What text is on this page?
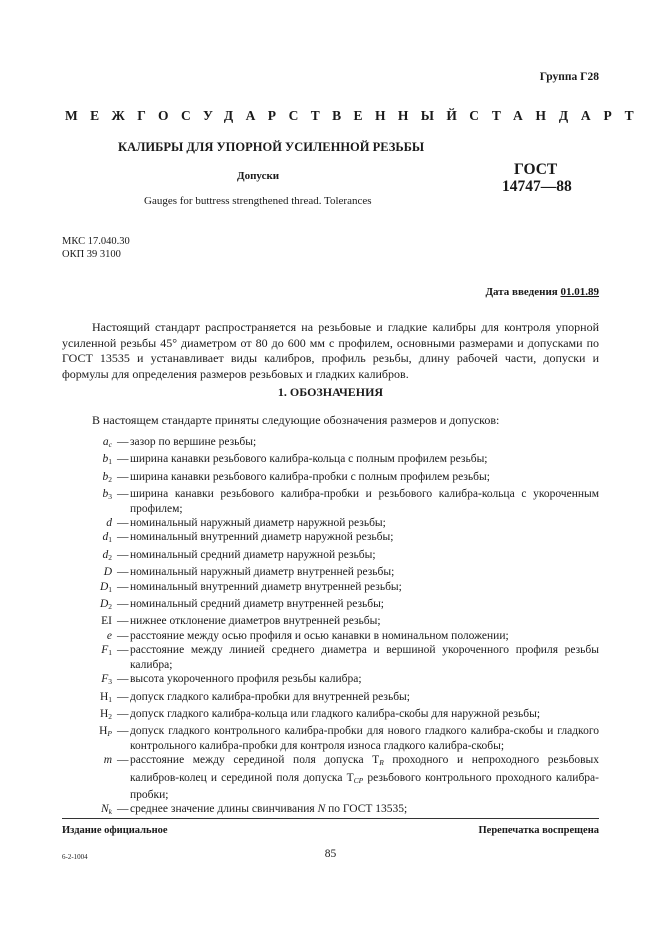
Группа Г28
МЕЖГОСУДАРСТВЕННЫЙ СТАНДАРТ
КАЛИБРЫ ДЛЯ УПОРНОЙ УСИЛЕННОЙ РЕЗЬБЫ
Допуски	ГОСТ
14747—88
Gauges for buttress strengthened thread. Tolerances
МКС 17.040.30
ОКП 39 3100
Дата введения 01.01.89

Настоящий стандарт распространяется на резьбовые и гладкие калибры для контроля упорной усиленной резьбы 45° диаметром от 80 до 600 мм с профилем, основными размерами и допусками по ГОСТ 13535 и устанавливает виды калибров, профиль резьбы, длину рабочей части, допуски и формулы для определения размеров резьбовых и гладких калибров.

1. ОБОЗНАЧЕНИЯ
В настоящем стандарте приняты следующие обозначения размеров и допусков:
$a_c$ — зазор по вершине резьбы;
$b_1$ — ширина канавки резьбового калибра-кольца с полным профилем резьбы;
$b_2$ — ширина канавки резьбового калибра-пробки с полным профилем резьбы;
$b_3$ — ширина канавки резьбового калибра-пробки и резьбового калибра-кольца с укороченным профилем;
d — номинальный наружный диаметр наружной резьбы;
$d_1$ — номинальный внутренний диаметр наружной резьбы;
$d_2$ — номинальный средний диаметр наружной резьбы;
D — номинальный наружный диаметр внутренней резьбы;
$D_1$ — номинальный внутренний диаметр внутренней резьбы;
$D_2$ — номинальный средний диаметр внутренней резьбы;
EI — нижнее отклонение диаметров внутренней резьбы;
e — расстояние между осью профиля и осью канавки в номинальном положении;
$F_1$ — расстояние между линией среднего диаметра и вершиной укороченного профиля резьбы калибра;
$F_3$ — высота укороченного профиля резьбы калибра;
$H_1$ — допуск гладкого калибра-пробки для внутренней резьбы;
$H_2$ — допуск гладкого калибра-кольца или гладкого калибра-скобы для наружной резьбы;
$H_P$ — допуск гладкого контрольного калибра-пробки для нового гладкого калибра-скобы и гладкого контрольного калибра-пробки для контроля износа гладкого калибра-скобы;
m — расстояние между серединой поля допуска $Т_R$ проходного и непроходного резьбовых калибров-колец и серединой поля допуска $Т_{CP}$ резьбового контрольного проходного калибра-пробки;
$N_k$ — среднее значение длины свинчивания N по ГОСТ 13535;
Издание официальное	Перепечатка воспрещена
6-2-1004	85
